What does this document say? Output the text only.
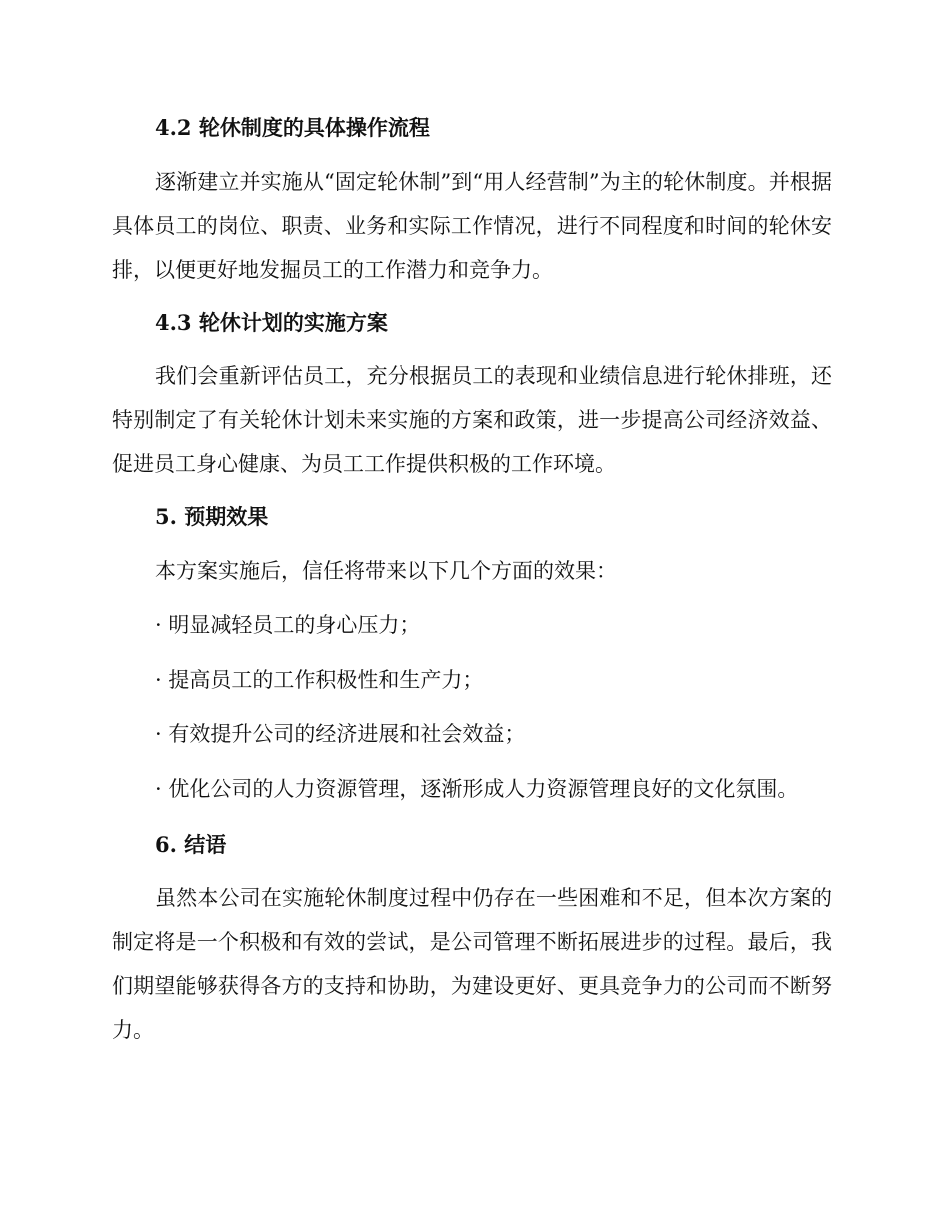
4.2 轮休制度的具体操作流程

逐渐建立并实施从“固定轮休制”到“用人经营制”为主的轮休制度。并根据具体员工的岗位、职责、业务和实际工作情况，进行不同程度和时间的轮休安排，以便更好地发掘员工的工作潜力和竞争力。

4.3 轮休计划的实施方案

我们会重新评估员工，充分根据员工的表现和业绩信息进行轮休排班，还特别制定了有关轮休计划未来实施的方案和政策，进一步提高公司经济效益、促进员工身心健康、为员工工作提供积极的工作环境。

5. 预期效果
本方案实施后，信任将带来以下几个方面的效果：
· 明显减轻员工的身心压力；
· 提高员工的工作积极性和生产力；
· 有效提升公司的经济进展和社会效益；
· 优化公司的人力资源管理，逐渐形成人力资源管理良好的文化氛围。
6. 结语

虽然本公司在实施轮休制度过程中仍存在一些困难和不足，但本次方案的制定将是一个积极和有效的尝试，是公司管理不断拓展进步的过程。最后，我们期望能够获得各方的支持和协助，为建设更好、更具竞争力的公司而不断努力。
